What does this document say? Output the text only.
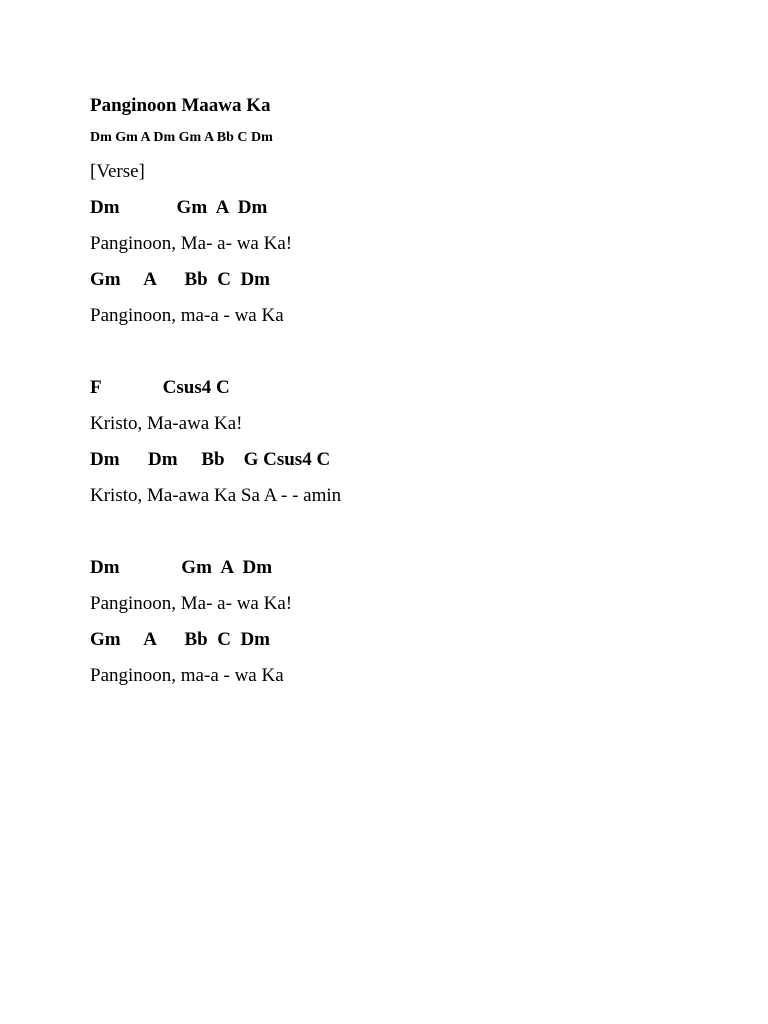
Panginoon Maawa Ka
Dm Gm A Dm Gm A Bb C Dm
[Verse]
Dm            Gm  A  Dm
Panginoon, Ma- a- wa Ka!
Gm     A      Bb  C  Dm
Panginoon, ma-a - wa Ka
F             Csus4 C
Kristo, Ma-awa Ka!
Dm      Dm     Bb    G Csus4 C
Kristo, Ma-awa Ka Sa A - - amin
Dm             Gm  A  Dm
Panginoon, Ma- a- wa Ka!
Gm     A      Bb  C  Dm
Panginoon, ma-a - wa Ka
